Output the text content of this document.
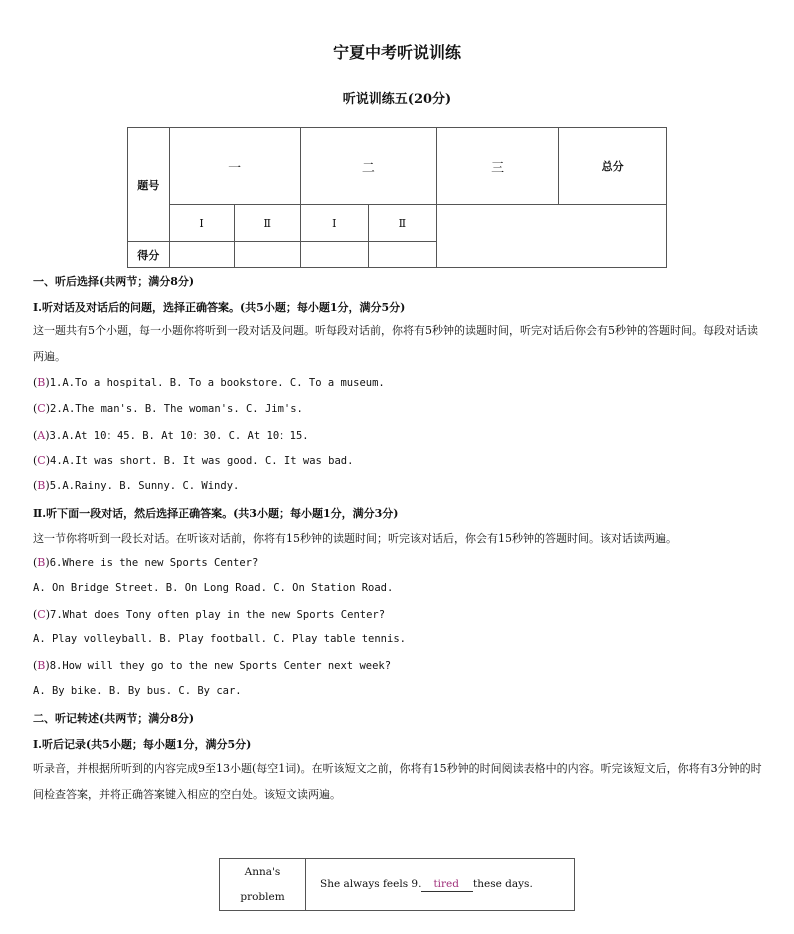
宁夏中考听说训练
听说训练五(20分)
题号	一		二		三	总分
	Ⅰ	Ⅱ	Ⅰ	Ⅱ		
得分						
一、听后选择(共两节；满分8分)
Ⅰ.听对话及对话后的问题，选择正确答案。(共5小题；每小题1分，满分5分)
这一题共有5个小题，每一小题你将听到一段对话及问题。听每段对话前，你将有5秒钟的读题时间，听完对话后你会有5秒钟的答题时间。每段对话读两遍。
(B)1.A.To a hospital. B. To a bookstore. C. To a museum.
(C)2.A.The man's. B. The woman's. C. Jim's.
(A)3.A.At 10：45. B. At 10：30. C. At 10：15.
(C)4.A.It was short. B. It was good. C. It was bad.
(B)5.A.Rainy. B. Sunny. C. Windy.
Ⅱ.听下面一段对话，然后选择正确答案。(共3小题；每小题1分，满分3分)
这一节你将听到一段长对话。在听该对话前，你将有15秒钟的读题时间；听完该对话后，你会有15秒钟的答题时间。该对话读两遍。
(B)6.Where is the new Sports Center?
A. On Bridge Street. B. On Long Road. C. On Station Road.
(C)7.What does Tony often play in the new Sports Center?
A. Play volleyball. B. Play football. C. Play table tennis.
(B)8.How will they go to the new Sports Center next week?
A. By bike. B. By bus. C. By car.
二、听记转述(共两节；满分8分)
Ⅰ.听后记录(共5小题；每小题1分，满分5分)
听录音，并根据所听到的内容完成9至13小题(每空1词)。在听该短文之前，你将有15秒钟的时间阅读表格中的内容。听完该短文后，你将有3分钟的时间检查答案，并将正确答案键入相应的空白处。该短文读两遍。
Anna's
problem
	She always feels 9. tired these days.
